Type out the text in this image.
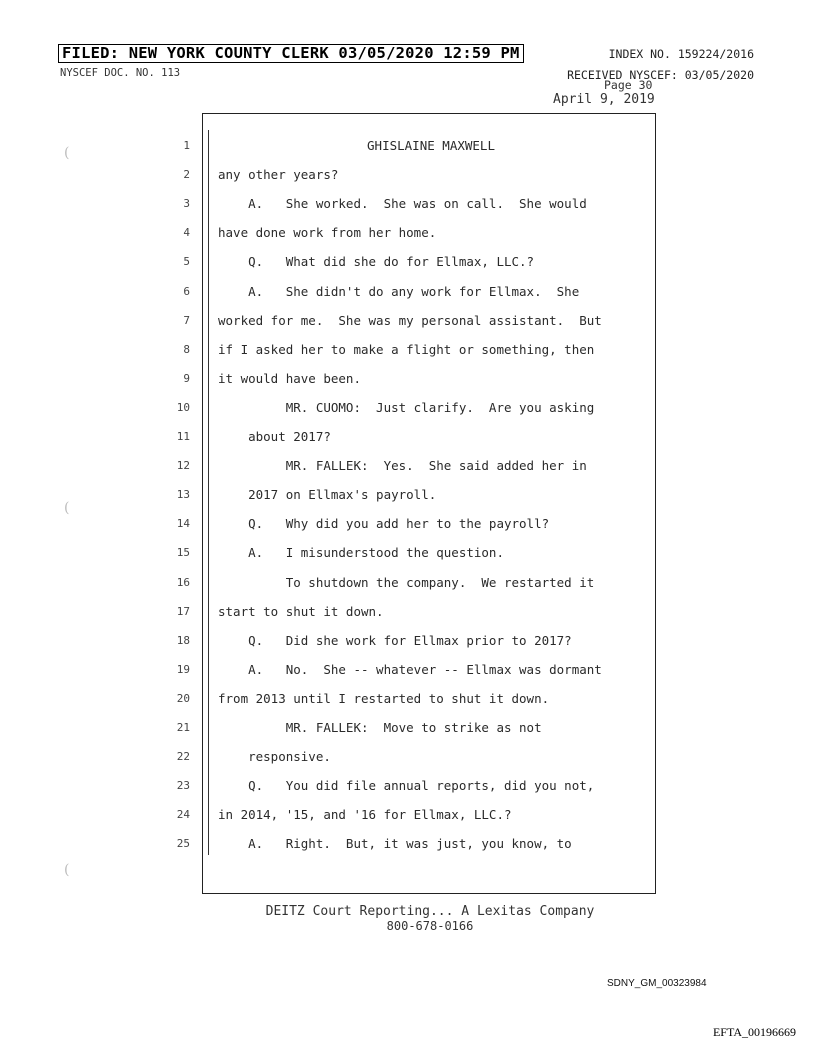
FILED: NEW YORK COUNTY CLERK 03/05/2020 12:59 PM	INDEX NO. 159224/2016
NYSCEF DOC. NO. 113	RECEIVED NYSCEF: 03/05/2020
Page 30
April 9, 2019
(
(
(
1	GHISLAINE MAXWELL
2 any other years?
3 A.   She worked.  She was on call.  She would
4 have done work from her home.
5 Q.   What did she do for Ellmax, LLC.?
6 A.   She didn't do any work for Ellmax.  She
7 worked for me.  She was my personal assistant.  But
8 if I asked her to make a flight or something, then
9 it would have been.
10 MR. CUOMO:  Just clarify.  Are you asking
11 about 2017?
12 MR. FALLEK:  Yes.  She said added her in
13 2017 on Ellmax's payroll.
14 Q.   Why did you add her to the payroll?
15 A.   I misunderstood the question.
16 To shutdown the company.  We restarted it
17 start to shut it down.
18 Q.   Did she work for Ellmax prior to 2017?
19 A.   No.  She -- whatever -- Ellmax was dormant
20 from 2013 until I restarted to shut it down.
21 MR. FALLEK:  Move to strike as not
22 responsive.
23 Q.   You did file annual reports, did you not,
24 in 2014, '15, and '16 for Ellmax, LLC.?
25 A.   Right.  But, it was just, you know, to
DEITZ Court Reporting... A Lexitas Company
800-678-0166
SDNY_GM_00323984
EFTA_00196669
